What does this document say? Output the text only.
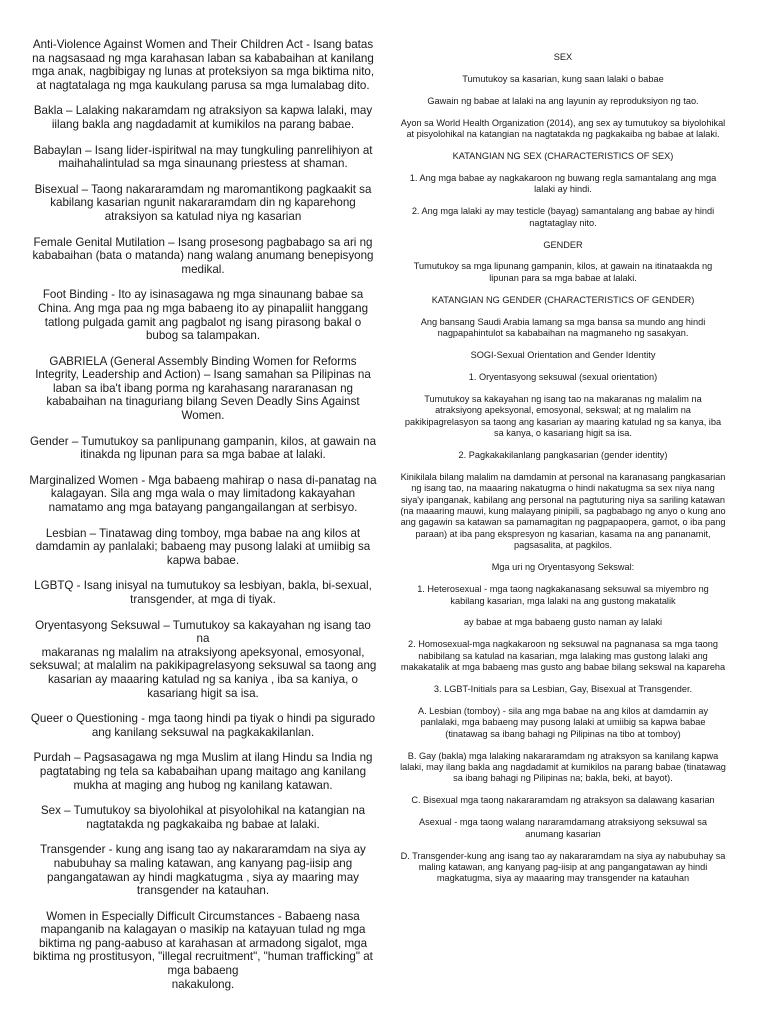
Anti-Violence Against Women and Their Children Act - Isang batas na nagsasaad ng mga karahasan laban sa kababaihan at kanilang mga anak, nagbibigay ng lunas at proteksiyon sa mga biktima nito, at nagtatalaga ng mga kaukulang parusa sa mga lumalabag dito.

Bakla – Lalaking nakaramdam ng atraksiyon sa kapwa lalaki, may iilang bakla ang nagdadamit at kumikilos na parang babae.

Babaylan – Isang lider-ispiritwal na may tungkuling panrelihiyon at maihahalintulad sa mga sinaunang priestess at shaman.

Bisexual – Taong nakararamdam ng maromantikong pagkaakit sa kabilang kasarian ngunit nakararamdam din ng kaparehong atraksiyon sa katulad niya ng kasarian

Female Genital Mutilation – Isang prosesong pagbabago sa ari ng kababaihan (bata o matanda) nang walang anumang benepisyong medikal.

Foot Binding - Ito ay isinasagawa ng mga sinaunang babae sa China. Ang mga paa ng mga babaeng ito ay pinapaliit hanggang tatlong pulgada gamit ang pagbalot ng isang pirasong bakal o bubog sa talampakan.

GABRIELA (General Assembly Binding Women for Reforms Integrity, Leadership and Action) – Isang samahan sa Pilipinas na laban sa iba't ibang porma ng karahasang nararanasan ng kababaihan na tinaguriang bilang Seven Deadly Sins Against Women.

Gender – Tumutukoy sa panlipunang gampanin, kilos, at gawain na itinakda ng lipunan para sa mga babae at lalaki.

Marginalized Women - Mga babaeng mahirap o nasa di-panatag na kalagayan. Sila ang mga wala o may limitadong kakayahan namatamo ang mga batayang pangangailangan at serbisyo.

Lesbian – Tinatawag ding tomboy, mga babae na ang kilos at damdamin ay panlalaki; babaeng may pusong lalaki at umiibig sa kapwa babae.

LGBTQ - Isang inisyal na tumutukoy sa lesbiyan, bakla, bi-sexual, transgender, at mga di tiyak.

Oryentasyong Seksuwal – Tumutukoy sa kakayahan ng isang tao na
makaranas ng malalim na atraksiyong apeksyonal, emosyonal, seksuwal; at malalim na pakikipagrelasyong seksuwal sa taong ang kasarian ay maaaring katulad ng sa kaniya , iba sa kaniya, o kasariang higit sa isa.

Queer o Questioning - mga taong hindi pa tiyak o hindi pa sigurado ang kanilang seksuwal na pagkakakilanlan.

Purdah – Pagsasagawa ng mga Muslim at ilang Hindu sa India ng pagtatabing ng tela sa kababaihan upang maitago ang kanilang mukha at maging ang hubog ng kanilang katawan.

Sex – Tumutukoy sa biyolohikal at pisyolohikal na katangian na nagtatakda ng pagkakaiba ng babae at lalaki.

Transgender - kung ang isang tao ay nakararamdam na siya ay nabubuhay sa maling katawan, ang kanyang pag-iisip ang pangangatawan ay hindi magkatugma , siya ay maaring may transgender na katauhan.

Women in Especially Difficult Circumstances - Babaeng nasa mapanganib na kalagayan o masikip na katayuan tulad ng mga biktima ng pang-aabuso at karahasan at armadong sigalot, mga biktima ng prostitusyon, "illegal recruitment", "human trafficking" at mga babaeng
nakakulong.

SEX

Tumutukoy sa kasarian, kung saan lalaki o babae

Gawain ng babae at lalaki na ang layunin ay reproduksiyon ng tao.

Ayon sa World Health Organization (2014), ang sex ay tumutukoy sa biyolohikal at pisyolohikal na katangian na nagtatakda ng pagkakaiba ng babae at lalaki.

KATANGIAN NG SEX (CHARACTERISTICS OF SEX)

1. Ang mga babae ay nagkakaroon ng buwang regla samantalang ang mga lalaki ay hindi.

2. Ang mga lalaki ay may testicle (bayag) samantalang ang babae ay hindi nagtataglay nito.

GENDER

Tumutukoy sa mga lipunang gampanin, kilos, at gawain na itinataakda ng lipunan para sa mga babae at lalaki.

KATANGIAN NG GENDER (CHARACTERISTICS OF GENDER)

Ang bansang Saudi Arabia lamang sa mga bansa sa mundo ang hindi nagpapahintulot sa kababaihan na magmaneho ng sasakyan.

SOGI-Sexual Orientation and Gender Identity

1. Oryentasyong seksuwal (sexual orientation)

Tumutukoy sa kakayahan ng isang tao na makaranas ng malalim na atraksiyong apeksyonal, emosyonal, sekswal; at ng malalim na pakikipagrelasyon sa taong ang kasarian ay maaring katulad ng sa kanya, iba sa kanya, o kasariang higit sa isa.

2. Pagkakakilanlang pangkasarian (gender identity)

Kinikilala bilang malalim na damdamin at personal na karanasang pangkasarian ng isang tao, na maaaring nakatugma o hindi nakatugma sa sex niya nang siya'y ipanganak, kabilang ang personal na pagtuturing niya sa sariling katawan (na maaaring mauwi, kung malayang pinipili, sa pagbabago ng anyo o kung ano ang gagawin sa katawan sa pamamagitan ng pagpapaopera, gamot, o iba pang paraan) at iba pang ekspresyon ng kasarian, kasama na ang pananamit, pagsasalita, at pagkilos.

Mga uri ng Oryentasyong Sekswal:

1. Heterosexual - mga taong nagkakanasang seksuwal sa miyembro ng kabilang kasarian, mga lalaki na ang gustong makatalik

ay babae at mga babaeng gusto naman ay lalaki

2. Homosexual-mga nagkakaroon ng seksuwal na pagnanasa sa mga taong nabibilang sa katulad na kasarian, mga lalaking mas gustong lalaki ang makakatalik at mga babaeng mas gusto ang babae bilang sekswal na kapareha

3. LGBT-Initials para sa Lesbian, Gay, Bisexual at Transgender.

A. Lesbian (tomboy) - sila ang mga babae na ang kilos at damdamin ay panlalaki, mga babaeng may pusong lalaki at umiibig sa kapwa babae (tinatawag sa ibang bahagi ng Pilipinas na tibo at tomboy)

B. Gay (bakla) mga lalaking nakararamdam ng atraksyon sa kanilang kapwa lalaki, may ilang bakla ang nagdadamit at kumikilos na parang babae (tinatawag sa ibang bahagi ng Pilipinas na; bakla, beki, at bayot).

C. Bisexual mga taong nakararamdam ng atraksyon sa dalawang kasarian

Asexual - mga taong walang nararamdamang atraksiyong seksuwal sa anumang kasarian

D. Transgender-kung ang isang tao ay nakararamdam na siya ay nabubuhay sa maling katawan, ang kanyang pag-iisip at ang pangangatawan ay hindi magkatugma, siya ay maaaring may transgender na katauhan
